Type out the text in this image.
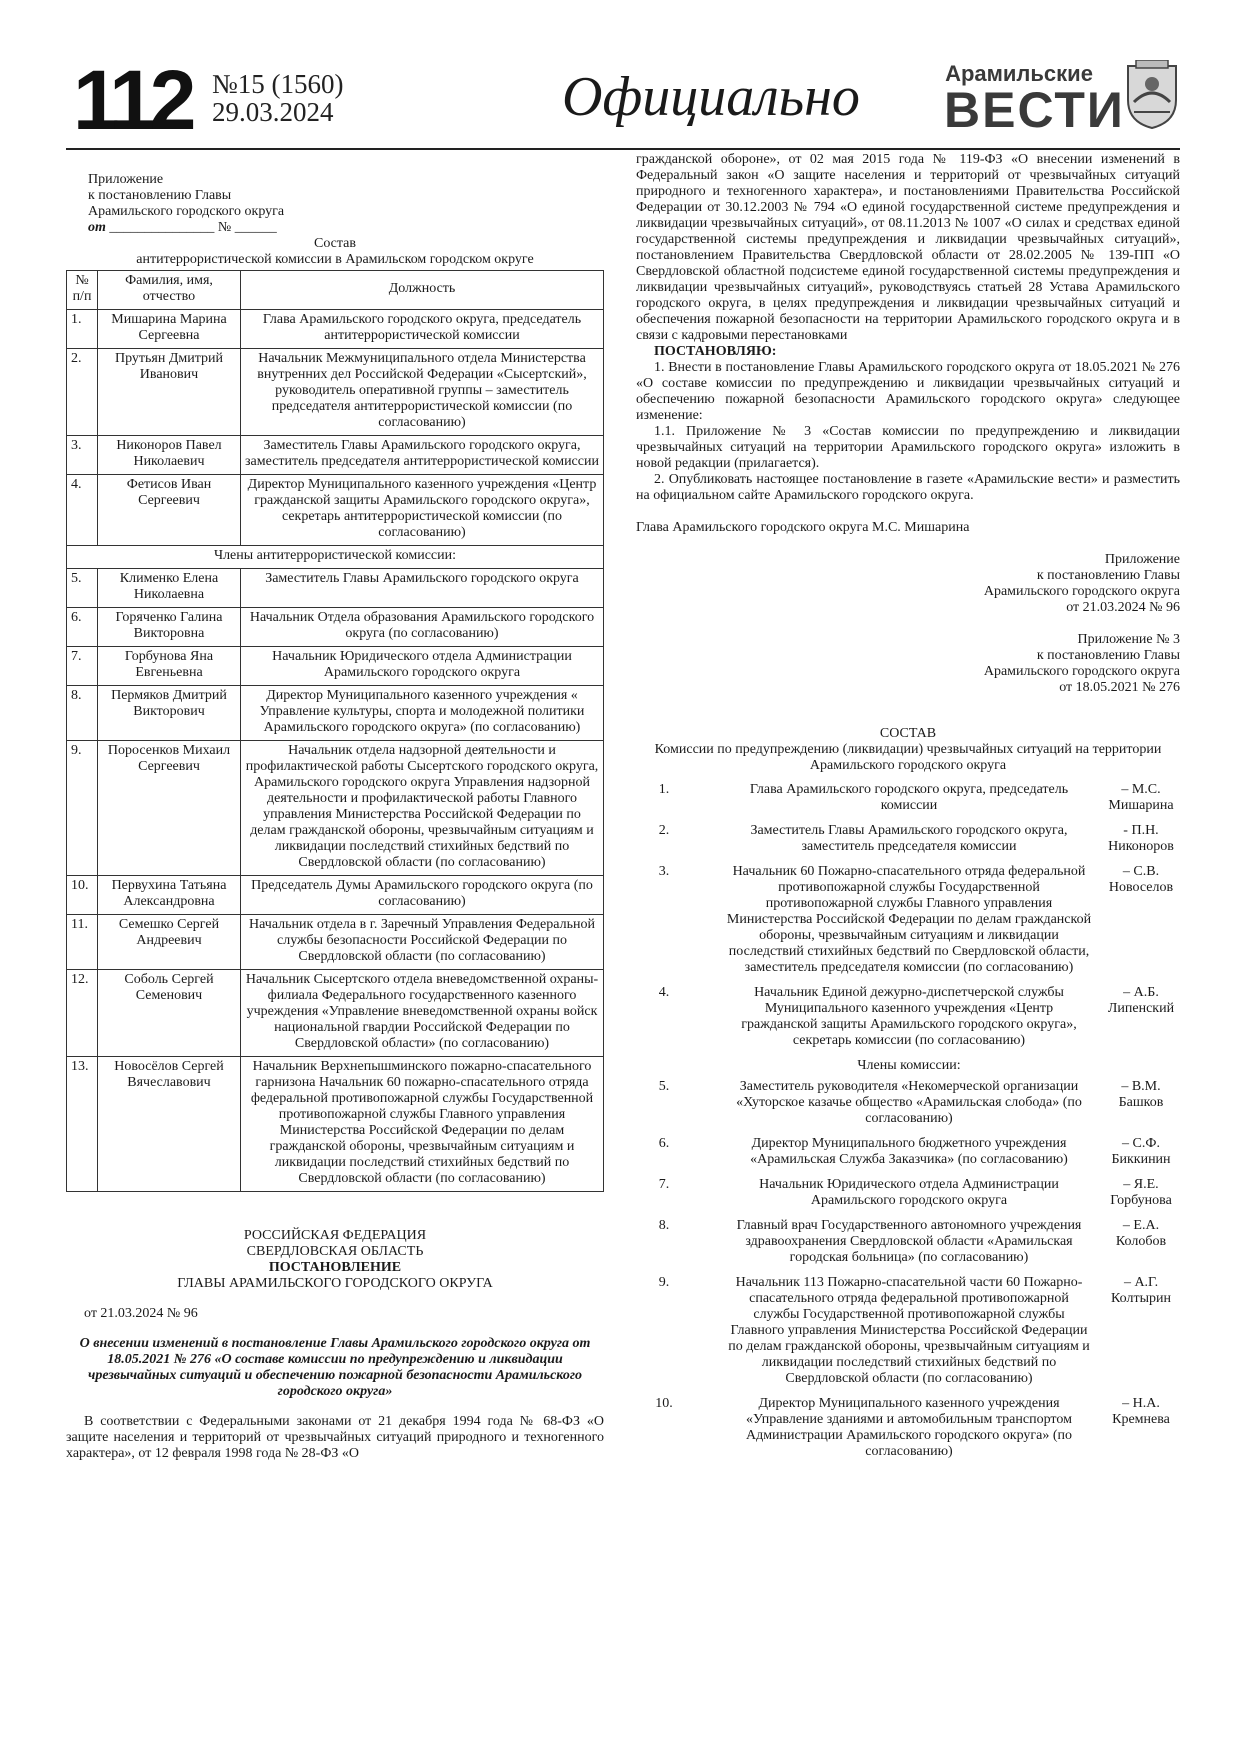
112 №15 (1560)
29.03.2024	Официально	Арамильские
ВЕСТИ
Приложение
к постановлению Главы
Арамильского городского округа
от _______________ № ______
Состав
антитеррористической комиссии в Арамильском городском округе
№ п/п	Фамилия, имя, отчество	Должность
1.	Мишарина Марина Сергеевна	Глава Арамильского городского округа, председатель антитеррористической комиссии
2.	Прутьян Дмитрий Иванович	Начальник Межмуниципального отдела Министерства внутренних дел Российской Федерации «Сысертский», руководитель оперативной группы – заместитель председателя антитеррористической комиссии (по согласованию)
3.	Никоноров Павел Николаевич	Заместитель Главы Арамильского городского округа, заместитель председателя антитеррористической комиссии
4.	Фетисов Иван Сергеевич	Директор Муниципального казенного учреждения «Центр гражданской защиты Арамильского городского округа», секретарь антитеррористической комиссии (по согласованию)
Члены антитеррористической комиссии:		
5.	Клименко Елена Николаевна	Заместитель Главы Арамильского городского округа
6.	Горяченко Галина Викторовна	Начальник Отдела образования Арамильского городского округа (по согласованию)
7.	Горбунова Яна Евгеньевна	Начальник Юридического отдела Администрации Арамильского городского округа
8.	Пермяков Дмитрий Викторович	Директор Муниципального казенного учреждения « Управление культуры, спорта и молодежной политики Арамильского городского округа» (по согласованию)
9.	Поросенков Михаил Сергеевич	Начальник отдела надзорной деятельности и профилактической работы Сысертского городского округа, Арамильского городского округа Управления надзорной деятельности и профилактической работы Главного управления Министерства Российской Федерации по делам гражданской обороны, чрезвычайным ситуациям и ликвидации последствий стихийных бедствий по Свердловской области (по согласованию)
10.	Первухина Татьяна Александровна	Председатель Думы Арамильского городского округа (по согласованию)
11.	Семешко Сергей Андреевич	Начальник отдела в г. Заречный Управления Федеральной службы безопасности Российской Федерации по Свердловской области (по согласованию)
12.	Соболь Сергей Семенович	Начальник Сысертского отдела вневедомственной охраны-филиала Федерального государственного казенного учреждения «Управление вневедомственной охраны войск национальной гвардии Российской Федерации по Свердловской области» (по согласованию)
13.	Новосёлов Сергей Вячеславович	Начальник Верхнепышминского пожарно-спасательного гарнизона Начальник 60 пожарно-спасательного отряда федеральной противопожарной службы Государственной противопожарной службы Главного управления Министерства Российской Федерации по делам гражданской обороны, чрезвычайным ситуациям и ликвидации последствий стихийных бедствий по Свердловской области (по согласованию)
РОССИЙСКАЯ ФЕДЕРАЦИЯ
СВЕРДЛОВСКАЯ ОБЛАСТЬ
ПОСТАНОВЛЕНИЕ
ГЛАВЫ АРАМИЛЬСКОГО ГОРОДСКОГО ОКРУГА
от 21.03.2024 № 96
О внесении изменений в постановление Главы Арамильского городского округа от 18.05.2021 № 276 «О составе комиссии по предупреждению и ликвидации чрезвычайных ситуаций и обеспечению пожарной безопасности Арамильского городского округа»
В соответствии с Федеральными законами от 21 декабря 1994 года № 68-ФЗ «О защите населения и территорий от чрезвычайных ситуаций природного и техногенного характера», от 12 февраля 1998 года № 28-ФЗ «О
гражданской обороне», от 02 мая 2015 года № 119-ФЗ «О внесении изменений в Федеральный закон «О защите населения и территорий от чрезвычайных ситуаций природного и техногенного характера», и постановлениями Правительства Российской Федерации от 30.12.2003 № 794 «О единой государственной системе предупреждения и ликвидации чрезвычайных ситуаций», от 08.11.2013 № 1007 «О силах и средствах единой государственной системы предупреждения и ликвидации чрезвычайных ситуаций», постановлением Правительства Свердловской области от 28.02.2005 № 139-ПП «О Свердловской областной подсистеме единой государственной системы предупреждения и ликвидации чрезвычайных ситуаций», руководствуясь статьей 28 Устава Арамильского городского округа, в целях предупреждения и ликвидации чрезвычайных ситуаций и обеспечения пожарной безопасности на территории Арамильского городского округа и в связи с кадровыми перестановками
ПОСТАНОВЛЯЮ:
1. Внести в постановление Главы Арамильского городского округа от 18.05.2021 № 276 «О составе комиссии по предупреждению и ликвидации чрезвычайных ситуаций и обеспечению пожарной безопасности Арамильского городского округа» следующее изменение:
1.1. Приложение № 3 «Состав комиссии по предупреждению и ликвидации чрезвычайных ситуаций на территории Арамильского городского округа» изложить в новой редакции (прилагается).
2. Опубликовать настоящее постановление в газете «Арамильские вести» и разместить на официальном сайте Арамильского городского округа.
Глава Арамильского городского округа М.С. Мишарина
Приложение
к постановлению Главы
Арамильского городского округа
от 21.03.2024 № 96
Приложение № 3
к постановлению Главы
Арамильского городского округа
от 18.05.2021 № 276
СОСТАВ
Комиссии по предупреждению (ликвидации) чрезвычайных ситуаций на территории Арамильского городского округа
1.	Глава Арамильского городского округа, председатель комиссии	– М.С. Мишарина
2.	Заместитель Главы Арамильского городского округа, заместитель председателя комиссии	- П.Н. Никоноров
3.	Начальник 60 Пожарно-спасательного отряда федеральной противопожарной службы Государственной противопожарной службы Главного управления Министерства Российской Федерации по делам гражданской обороны, чрезвычайным ситуациям и ликвидации последствий стихийных бедствий по Свердловской области, заместитель председателя комиссии (по согласованию)	– С.В. Новоселов
4.	Начальник Единой дежурно-диспетчерской службы Муниципального казенного учреждения «Центр гражданской защиты Арамильского городского округа», секретарь комиссии (по согласованию)	– А.Б. Липенский
	Члены комиссии:	
5.	Заместитель руководителя «Некомерческой организации «Хуторское казачье общество «Арамильская слобода» (по согласованию)	– В.М. Башков
6.	Директор Муниципального бюджетного учреждения «Арамильская Служба Заказчика» (по согласованию)	– С.Ф. Биккинин
7.	Начальник Юридического отдела Администрации Арамильского городского округа	– Я.Е. Горбунова
8.	Главный врач Государственного автономного учреждения здравоохранения Свердловской области «Арамильская городская больница» (по согласованию)	– Е.А. Колобов
9.	Начальник 113 Пожарно-спасательной части 60 Пожарно-спасательного отряда федеральной противопожарной службы Государственной противопожарной службы Главного управления Министерства Российской Федерации по делам гражданской обороны, чрезвычайным ситуациям и ликвидации последствий стихийных бедствий по Свердловской области (по согласованию)	– А.Г. Колтырин
10.	Директор Муниципального казенного учреждения «Управление зданиями и автомобильным транспортом Администрации Арамильского городского округа» (по согласованию)	– Н.А. Кремнева
